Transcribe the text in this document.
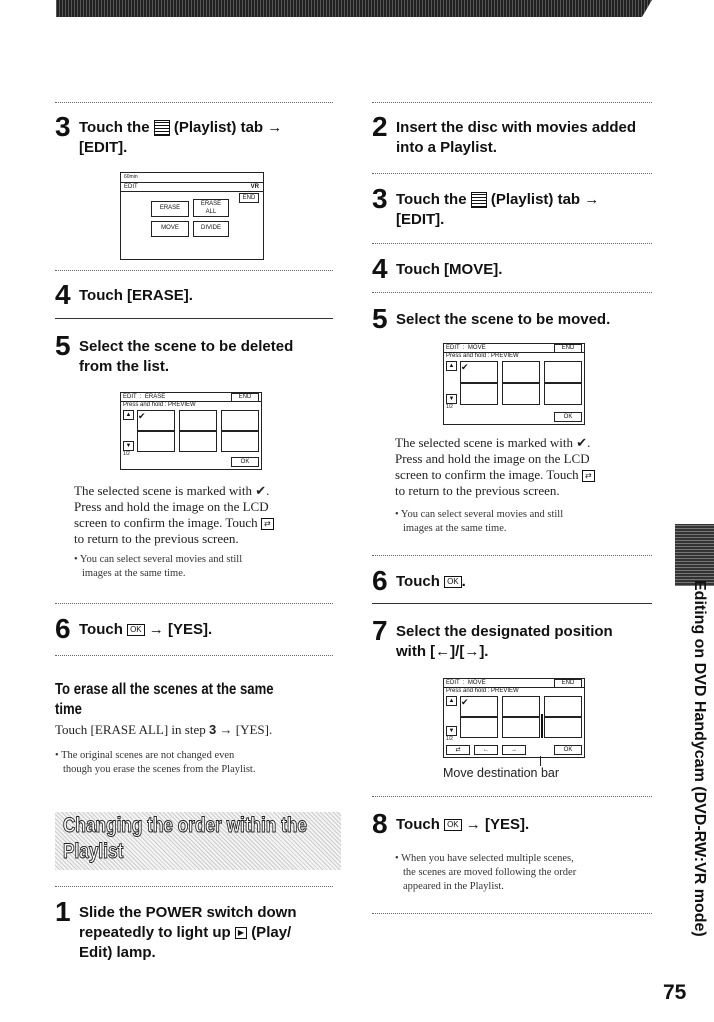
3 Touch the (Playlist) tab →
[EDIT].
60min
EDIT	VR
ERASE
ERASE
ALL
END
MOVE	DIVIDE
4 Touch [ERASE].
5 Select the scene to be deleted
from the list.
EDIT  :  ERASE	END
Press and hold : PREVIEW
▲
▼
1/2
✔
OK
The selected scene is marked with ✔.
Press and hold the image on the LCD
screen to confirm the image. Touch ⇄
to return to the previous screen.
• You can select several movies and still
images at the same time.
6 Touch OK → [YES].
To erase all the scenes at the same
time
Touch [ERASE ALL] in step 3 → [YES].
• The original scenes are not changed even
though you erase the scenes from the Playlist.
Changing the order within the
Playlist
1 Slide the POWER switch down
repeatedly to light up ▶ (Play/
Edit) lamp.
2 Insert the disc with movies added
into a Playlist.
3 Touch the (Playlist) tab →
[EDIT].
4 Touch [MOVE].
5 Select the scene to be moved.
EDIT  :  MOVE	END
Press and hold : PREVIEW
▲
▼
1/2
✔
OK
The selected scene is marked with ✔.
Press and hold the image on the LCD
screen to confirm the image. Touch ⇄
to return to the previous screen.
• You can select several movies and still
images at the same time.
6 Touch OK .
7 Select the designated position
with [←]/[→].
EDIT  :  MOVE	END
Press and hold : PREVIEW
▲
▼
1/2
✔
⇄	←	→	OK
Move destination bar
8 Touch OK → [YES].
• When you have selected multiple scenes,
the scenes are moved following the order
appeared in the Playlist.	Editing on DVD Handycam (DVD-RW:VR mode)
75
